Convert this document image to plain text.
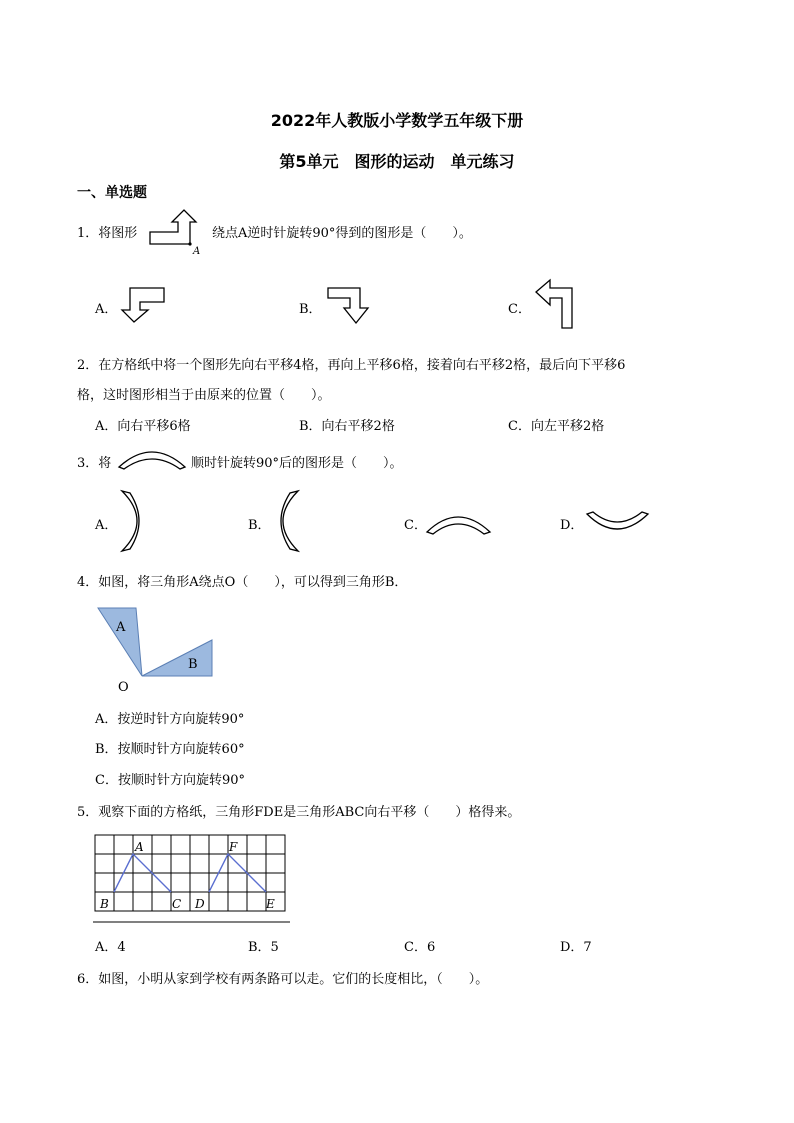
2022年人教版小学数学五年级下册
第5单元　图形的运动　单元练习
一、单选题
1．将图形
A
绕点A逆时针旋转90°得到的图形是（　　）。
A．	B．	C．
2．在方格纸中将一个图形先向右平移4格，再向上平移6格，接着向右平移2格，最后向下平移6
格，这时图形相当于由原来的位置（　　）。
A．向右平移6格	B．向右平移2格	C．向左平移2格
3．将	顺时针旋转90°后的图形是（　　）。
A．	B．	C．	D．
4．如图，将三角形A绕点O（　　），可以得到三角形B．
A
B
O
A．按逆时针方向旋转90°
B．按顺时针方向旋转60°
C．按顺时针方向旋转90°
5．观察下面的方格纸，三角形FDE是三角形ABC向右平移（　　）格得来。
A
B	C
F
D	E
A．4	B．5	C．6	D．7
6．如图，小明从家到学校有两条路可以走。它们的长度相比，（　　）。
